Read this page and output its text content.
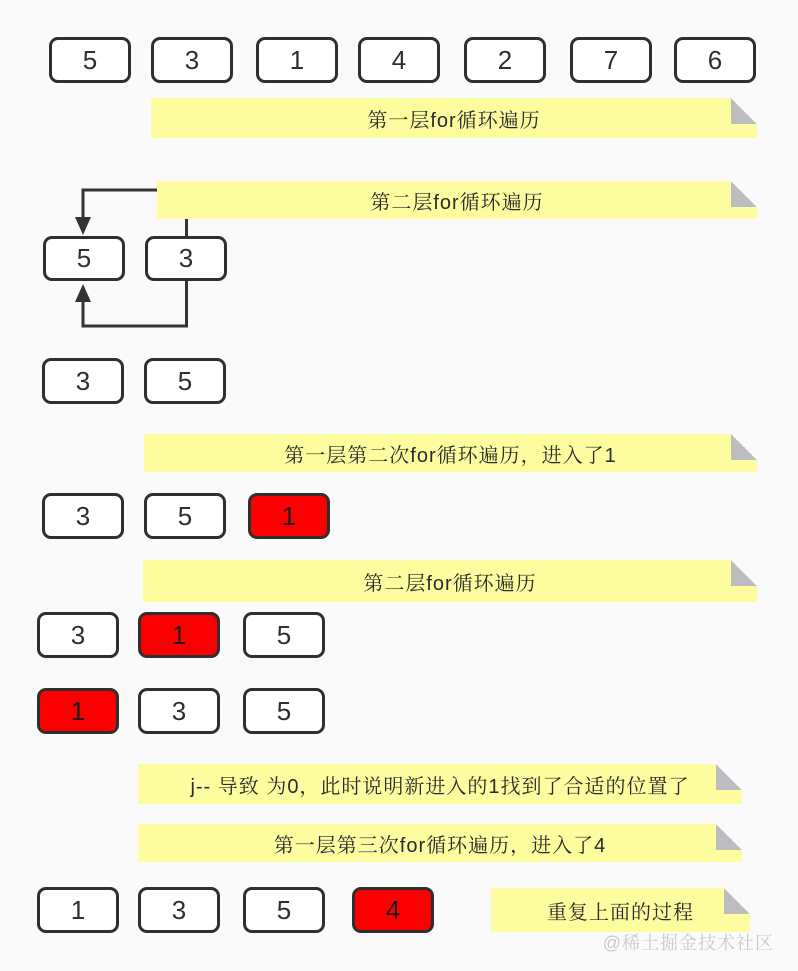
5	3	1	4	2	7	6
第一层for循环遍历
第二层for循环遍历
5	3
3	5
第一层第二次for循环遍历，进入了1
3	5	1
第二层for循环遍历
3	1	5
1	3	5
j-- 导致 为0，此时说明新进入的1找到了合适的位置了
第一层第三次for循环遍历，进入了4
1	3	5	4	重复上面的过程
@稀土掘金技术社区
